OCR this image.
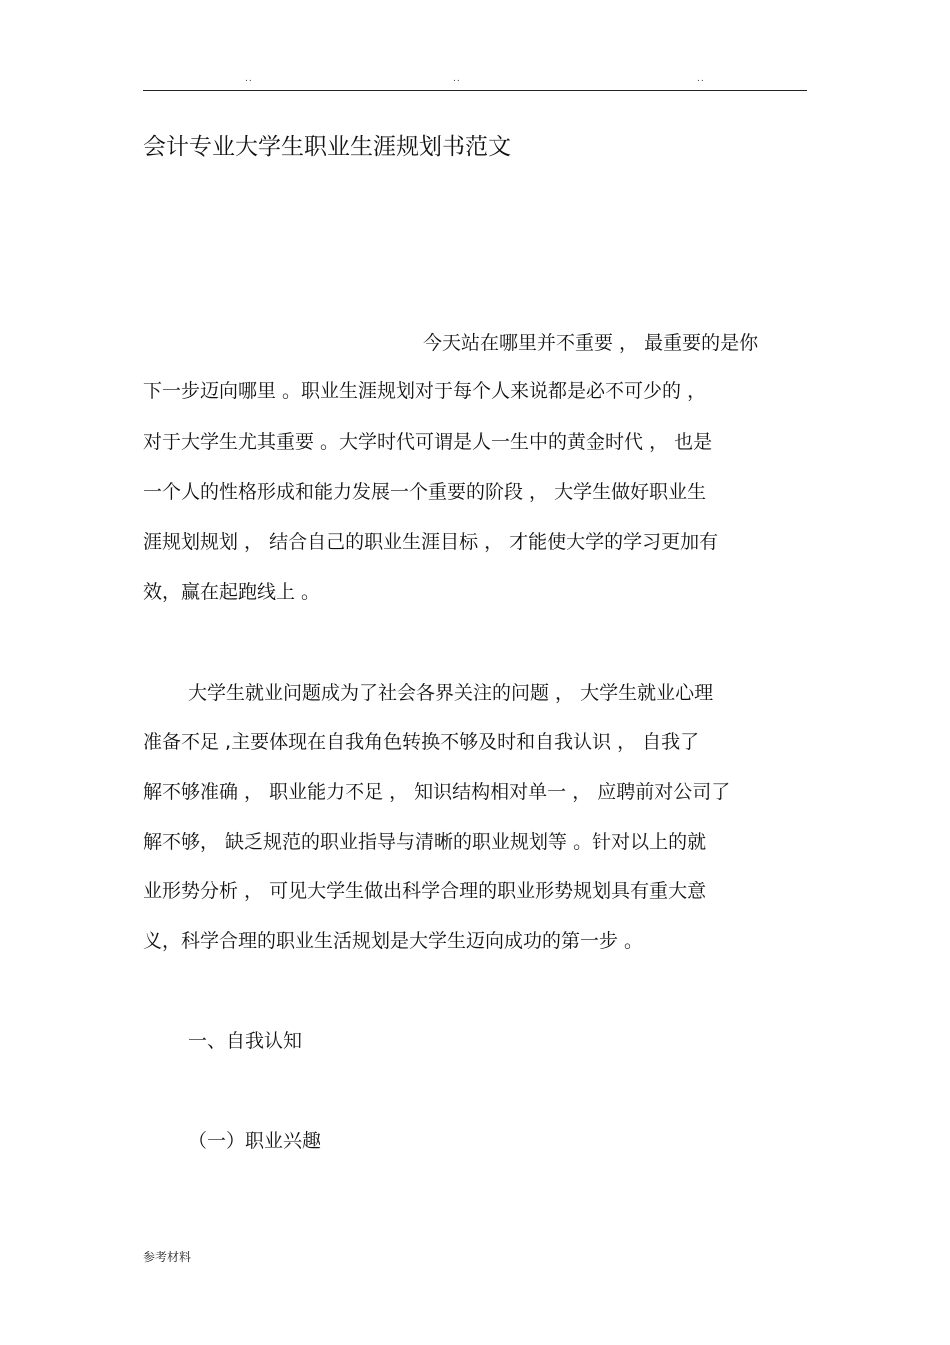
..	..	..
会计专业大学生职业生涯规划书范文
今天站在哪里并不重要 ， 最重要的是你
下一步迈向哪里 。职业生涯规划对于每个人来说都是必不可少的 ，
对于大学生尤其重要 。大学时代可谓是人一生中的黄金时代 ， 也是
一个人的性格形成和能力发展一个重要的阶段 ， 大学生做好职业生
涯规划规划 ， 结合自己的职业生涯目标 ， 才能使大学的学习更加有
效，赢在起跑线上 。
大学生就业问题成为了社会各界关注的问题 ， 大学生就业心理
准备不足 ,主要体现在自我角色转换不够及时和自我认识 ， 自我了
解不够准确 ， 职业能力不足 ， 知识结构相对单一 ， 应聘前对公司了
解不够， 缺乏规范的职业指导与清晰的职业规划等 。针对以上的就
业形势分析 ， 可见大学生做出科学合理的职业形势规划具有重大意
义，科学合理的职业生活规划是大学生迈向成功的第一步 。
一、自我认知
（一）职业兴趣
参考材料
